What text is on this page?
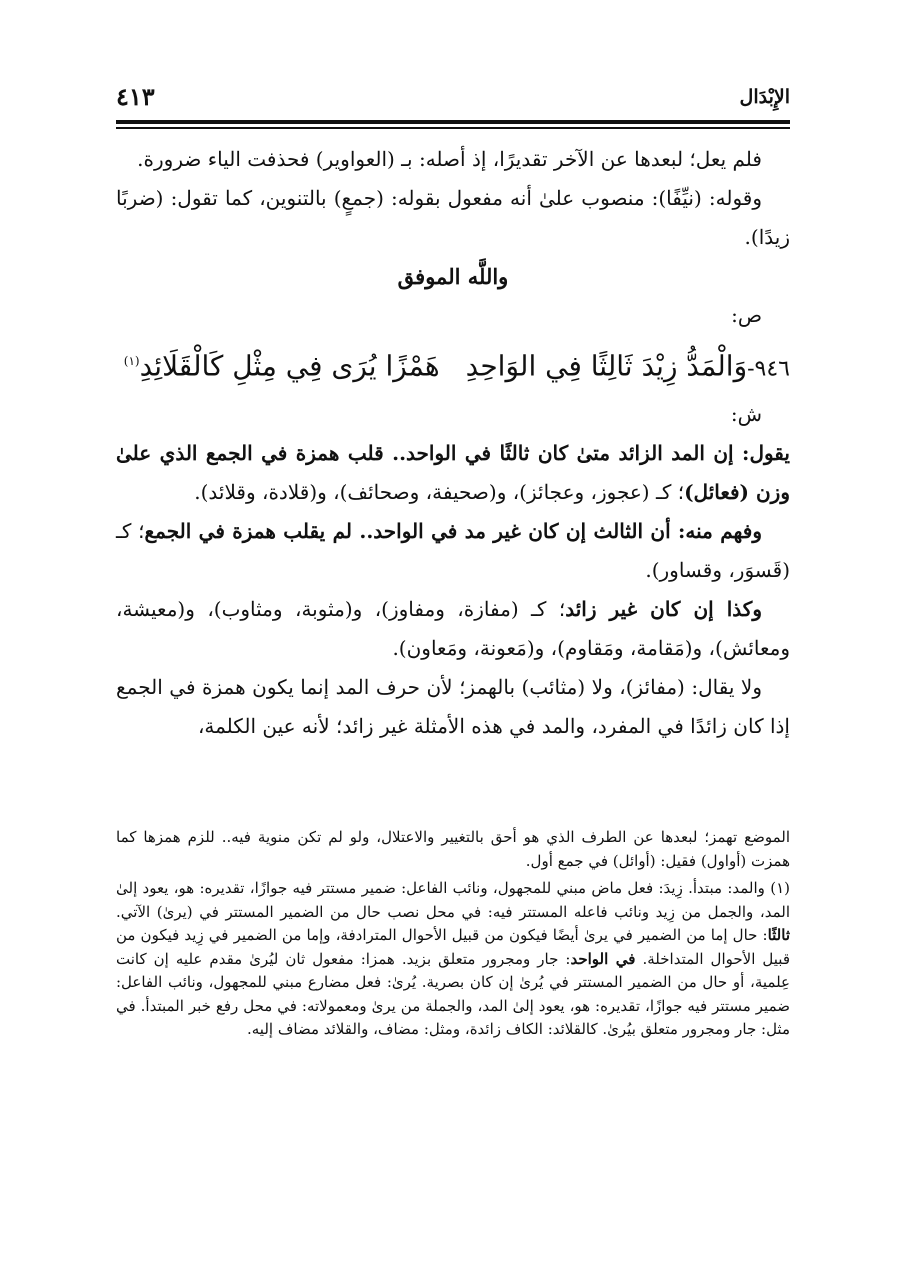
الإِبْدَال
٤١٣

فلم يعل؛ لبعدها عن الآخر تقديرًا، إذ أصله: بـ (العواوير) فحذفت الياء ضرورة.

وقوله: (نيِّفًا): منصوب علىٰ أنه مفعول بقوله: (جمعٍ) بالتنوين، كما تقول: (ضربًا زيدًا).

واللَّه الموفق

ص:

٩٤٦-وَالْمَدُّ زِيْدَ ثَالِثًا فِي الوَاحِدِهَمْزًا يُرَى فِي مِثْلِ كَالْقَلَائِدِ$^{(١)}$

ش:

يقول: إن المد الزائد متىٰ كان ثالثًا في الواحد.. قلب همزة في الجمع الذي علىٰ وزن (فعائل)؛ كـ (عجوز، وعجائز)، و(صحيفة، وصحائف)، و(قلادة، وقلائد).

وفهم منه: أن الثالث إن كان غير مد في الواحد.. لم يقلب همزة في الجمع؛ كـ (قَسوَر، وقساور).

وكذا إن كان غير زائد؛ كـ (مفازة، ومفاوز)، و(مثوبة، ومثاوب)، و(معيشة، ومعائش)، و(مَقامة، ومَقاوم)، و(مَعونة، ومَعاون).

ولا يقال: (مفائز)، ولا (مثائب) بالهمز؛ لأن حرف المد إنما يكون همزة في الجمع إذا كان زائدًا في المفرد، والمد في هذه الأمثلة غير زائد؛ لأنه عين الكلمة،

الموضع تهمز؛ لبعدها عن الطرف الذي هو أحق بالتغيير والاعتلال، ولو لم تكن منوية فيه.. للزم همزها كما همزت (أواول) فقيل: (أوائل) في جمع أول.

(١) والمد: مبتدأ. زِيدَ: فعل ماض مبني للمجهول، ونائب الفاعل: ضمير مستتر فيه جوازًا، تقديره: هو، يعود إلىٰ المد، والجمل من زِيد ونائب فاعله المستتر فيه: في محل نصب حال من الضمير المستتر في (يرىٰ) الآتي. ثالثًا: حال إما من الضمير في يرىٰ أيضًا فيكون من قبيل الأحوال المترادفة، وإما من الضمير في زِيد فيكون من قبيل الأحوال المتداخلة. في الواحد: جار ومجرور متعلق بزيد. همزا: مفعول ثان ليُرىٰ مقدم عليه إن كانت عِلمية، أو حال من الضمير المستتر في يُرىٰ إن كان بصرية. يُرىٰ: فعل مضارع مبني للمجهول، ونائب الفاعل: ضمير مستتر فيه جوازًا، تقديره: هو، يعود إلىٰ المد، والجملة من يرىٰ ومعمولاته: في محل رفع خبر المبتدأ. في مثل: جار ومجرور متعلق بيُرىٰ. كالقلائد: الكاف زائدة، ومثل: مضاف، والقلائد مضاف إليه.
